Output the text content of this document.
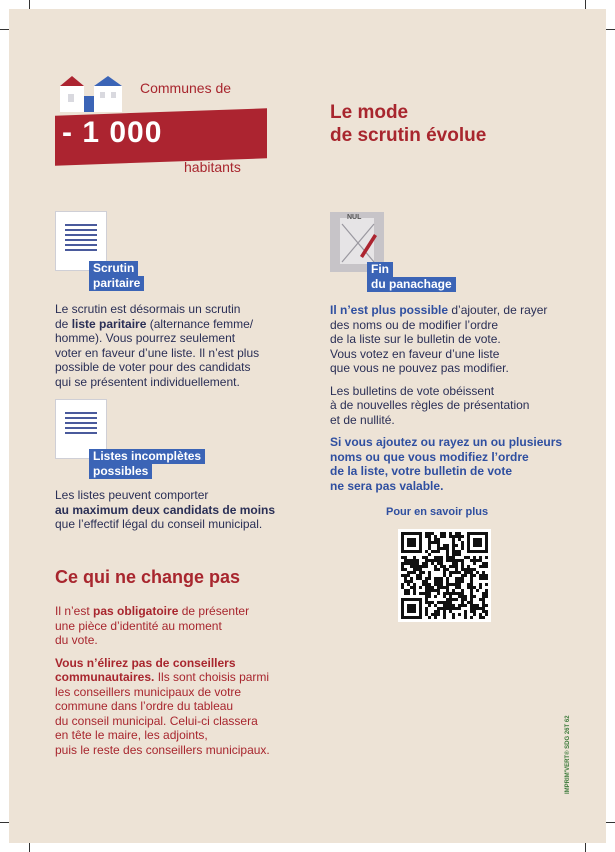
Communes de
- 1 000
habitants
Le mode
de scrutin évolue
Scrutin
paritaire
Le scrutin est désormais un scrutin
de liste paritaire (alternance femme/
homme). Vous pourrez seulement
voter en faveur d’une liste. Il n’est plus
possible de voter pour des candidats
qui se présentent individuellement.
Listes incomplètes
possibles
Les listes peuvent comporter
au maximum deux candidats de moins
que l’effectif légal du conseil municipal.
NUL
Fin
du panachage
Il n’est plus possible d’ajouter, de rayer
des noms ou de modifier l’ordre
de la liste sur le bulletin de vote.
Vous votez en faveur d’une liste
que vous ne pouvez pas modifier.
Les bulletins de vote obéissent
à de nouvelles règles de présentation
et de nullité.
Si vous ajoutez ou rayez un ou plusieurs
noms ou que vous modifiez l’ordre
de la liste, votre bulletin de vote
ne sera pas valable.
Pour en savoir plus
Ce qui ne change pas
Il n’est pas obligatoire de présenter
une pièce d’identité au moment
du vote.
Vous n’élirez pas de conseillers
communautaires. Ils sont choisis parmi
les conseillers municipaux de votre
commune dans l’ordre du tableau
du conseil municipal. Celui-ci classera
en tête le maire, les adjoints,
puis le reste des conseillers municipaux.	IMPRIM'VERT® SDG 26T 62
